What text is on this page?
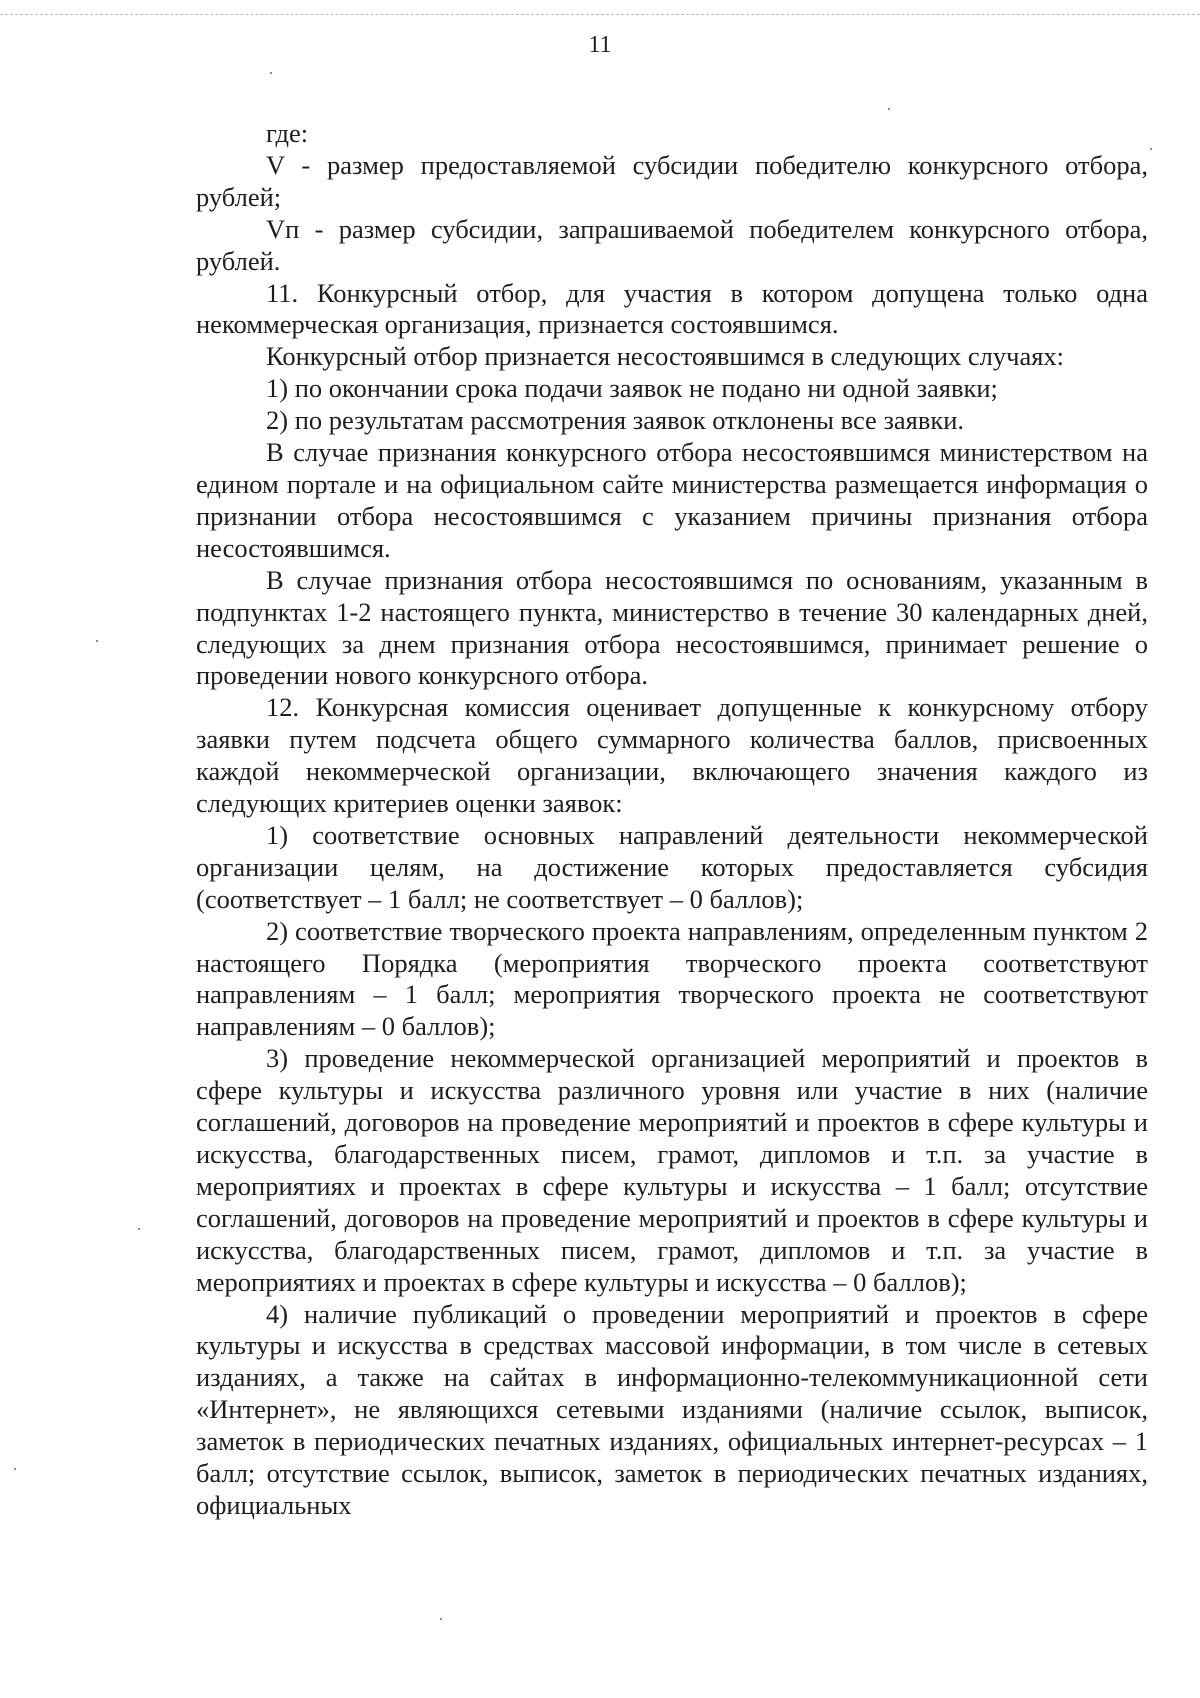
11

где:

V - размер предоставляемой субсидии победителю конкурсного отбора, рублей;

Vп - размер субсидии, запрашиваемой победителем конкурсного отбора, рублей.

11. Конкурсный отбор, для участия в котором допущена только одна некоммерческая организация, признается состоявшимся.

Конкурсный отбор признается несостоявшимся в следующих случаях:

1) по окончании срока подачи заявок не подано ни одной заявки;

2) по результатам рассмотрения заявок отклонены все заявки.

В случае признания конкурсного отбора несостоявшимся министерством на едином портале и на официальном сайте министерства размещается информация о признании отбора несостоявшимся с указанием причины признания отбора несостоявшимся.

В случае признания отбора несостоявшимся по основаниям, указанным в подпунктах 1-2 настоящего пункта, министерство в течение 30 календарных дней, следующих за днем признания отбора несостоявшимся, принимает решение о проведении нового конкурсного отбора.

12. Конкурсная комиссия оценивает допущенные к конкурсному отбору заявки путем подсчета общего суммарного количества баллов, присвоенных каждой некоммерческой организации, включающего значения каждого из следующих критериев оценки заявок:

1) соответствие основных направлений деятельности некоммерческой организации целям, на достижение которых предоставляется субсидия (соответствует – 1 балл; не соответствует – 0 баллов);

2) соответствие творческого проекта направлениям, определенным пунктом 2 настоящего Порядка (мероприятия творческого проекта соответствуют направлениям – 1 балл; мероприятия творческого проекта не соответствуют направлениям – 0 баллов);

3) проведение некоммерческой организацией мероприятий и проектов в сфере культуры и искусства различного уровня или участие в них (наличие соглашений, договоров на проведение мероприятий и проектов в сфере культуры и искусства, благодарственных писем, грамот, дипломов и т.п. за участие в мероприятиях и проектах в сфере культуры и искусства – 1 балл; отсутствие соглашений, договоров на проведение мероприятий и проектов в сфере культуры и искусства, благодарственных писем, грамот, дипломов и т.п. за участие в мероприятиях и проектах в сфере культуры и искусства – 0 баллов);

4) наличие публикаций о проведении мероприятий и проектов в сфере культуры и искусства в средствах массовой информации, в том числе в сетевых изданиях, а также на сайтах в информационно-телекоммуникационной сети «Интернет», не являющихся сетевыми изданиями (наличие ссылок, выписок, заметок в периодических печатных изданиях, официальных интернет-ресурсах – 1 балл; отсутствие ссылок, выписок, заметок в периодических печатных изданиях, официальных
